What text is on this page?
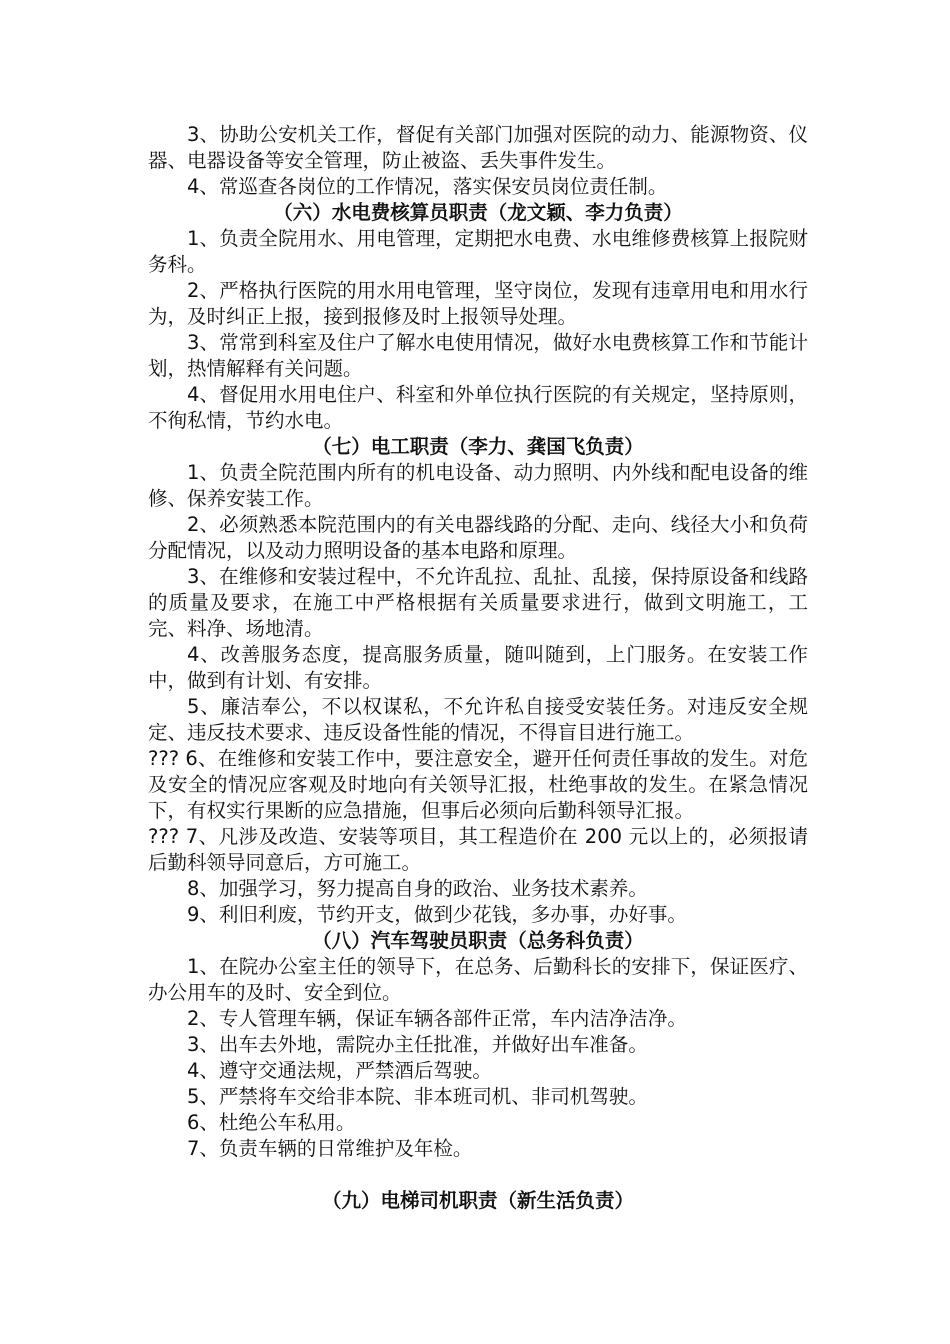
3、协助公安机关工作，督促有关部门加强对医院的动力、能源物资、仪器、电器设备等安全管理，防止被盗、丢失事件发生。

4、常巡查各岗位的工作情况，落实保安员岗位责任制。

（六）水电费核算员职责（龙文颖、李力负责）

1、负责全院用水、用电管理，定期把水电费、水电维修费核算上报院财务科。

2、严格执行医院的用水用电管理，坚守岗位，发现有违章用电和用水行为，及时纠正上报，接到报修及时上报领导处理。

3、常常到科室及住户了解水电使用情况，做好水电费核算工作和节能计划，热情解释有关问题。

4、督促用水用电住户、科室和外单位执行医院的有关规定，坚持原则，不徇私情，节约水电。

（七）电工职责（李力、龚国飞负责）

1、负责全院范围内所有的机电设备、动力照明、内外线和配电设备的维修、保养安装工作。

2、必须熟悉本院范围内的有关电器线路的分配、走向、线径大小和负荷分配情况，以及动力照明设备的基本电路和原理。

3、在维修和安装过程中，不允许乱拉、乱扯、乱接，保持原设备和线路的质量及要求，在施工中严格根据有关质量要求进行，做到文明施工，工完、料净、场地清。

4、改善服务态度，提高服务质量，随叫随到，上门服务。在安装工作中，做到有计划、有安排。

5、廉洁奉公，不以权谋私，不允许私自接受安装任务。对违反安全规定、违反技术要求、违反设备性能的情况，不得盲目进行施工。

??? 6、在维修和安装工作中，要注意安全，避开任何责任事故的发生。对危及安全的情况应客观及时地向有关领导汇报，杜绝事故的发生。在紧急情况下，有权实行果断的应急措施，但事后必须向后勤科领导汇报。

??? 7、凡涉及改造、安装等项目，其工程造价在 200 元以上的，必须报请后勤科领导同意后，方可施工。

8、加强学习，努力提高自身的政治、业务技术素养。

9、利旧利废，节约开支，做到少花钱，多办事，办好事。

（八）汽车驾驶员职责（总务科负责）

1、在院办公室主任的领导下，在总务、后勤科长的安排下，保证医疗、办公用车的及时、安全到位。

2、专人管理车辆，保证车辆各部件正常，车内洁净洁净。

3、出车去外地，需院办主任批准，并做好出车准备。

4、遵守交通法规，严禁酒后驾驶。

5、严禁将车交给非本院、非本班司机、非司机驾驶。

6、杜绝公车私用。

7、负责车辆的日常维护及年检。

（九）电梯司机职责（新生活负责）
